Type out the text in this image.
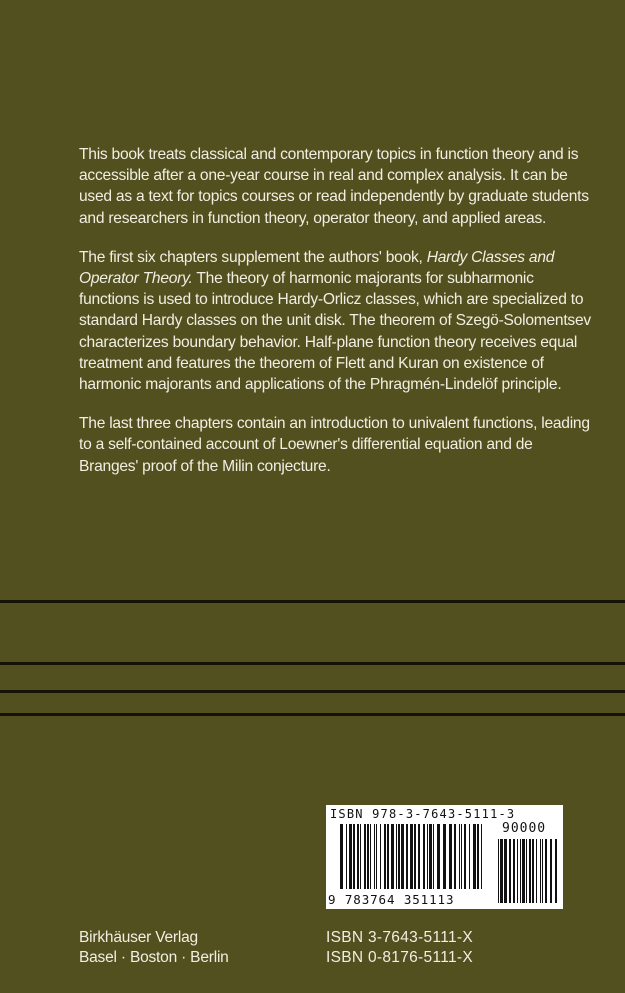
This book treats classical and contemporary topics in function theory and is accessible after a one-year course in real and complex analysis. It can be used as a text for topics courses or read independently by graduate students and researchers in function theory, operator theory, and applied areas.

The first six chapters supplement the authors' book, Hardy Classes and Operator Theory. The theory of harmonic majorants for subharmonic functions is used to introduce Hardy-Orlicz classes, which are specialized to standard Hardy classes on the unit disk. The theorem of Szegö-Solomentsev characterizes boundary behavior. Half-plane function theory receives equal treatment and features the theorem of Flett and Kuran on existence of harmonic majorants and applications of the Phragmén-Lindelöf principle.

The last three chapters contain an introduction to univalent functions, leading to a self-contained account of Loewner's differential equation and de Branges' proof of the Milin conjecture.

ISBN 978-3-7643-5111-3
90000
9 783764 351113
Birkhäuser Verlag
Basel · Boston · Berlin
ISBN 3-7643-5111-X
ISBN 0-8176-5111-X
